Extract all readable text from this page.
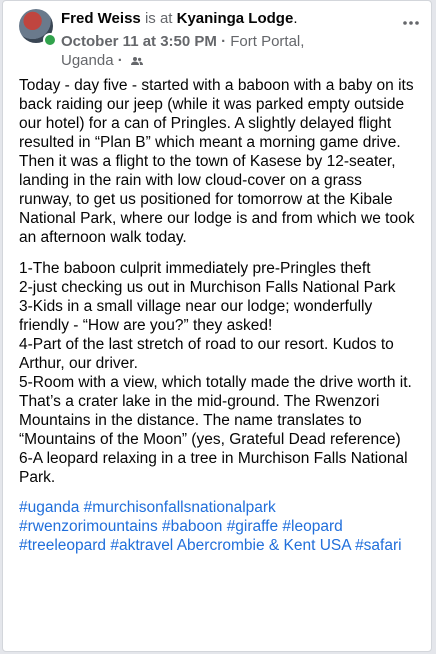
Fred Weiss is at Kyaninga Lodge.
October 11 at 3:50 PM · Fort Portal, Uganda ·

Today - day five - started with a baboon with a baby on its back raiding our jeep (while it was parked empty outside our hotel) for a can of Pringles. A slightly delayed flight resulted in “Plan B” which meant a morning game drive. Then it was a flight to the town of Kasese by 12-seater, landing in the rain with low cloud-cover on a grass runway, to get us positioned for tomorrow at the Kibale National Park, where our lodge is and from which we took an afternoon walk today.

1-The baboon culprit immediately pre-Pringles theft
2-just checking us out in Murchison Falls National Park
3-Kids in a small village near our lodge; wonderfully friendly - “How are you?” they asked!
4-Part of the last stretch of road to our resort. Kudos to Arthur, our driver.
5-Room with a view, which totally made the drive worth it. That’s a crater lake in the mid-ground. The Rwenzori Mountains in the distance. The name translates to “Mountains of the Moon” (yes, Grateful Dead reference)
6-A leopard relaxing in a tree in Murchison Falls National Park.

#uganda #murchisonfallsnationalpark #rwenzorimountains #baboon #giraffe #leopard #treeleopard #aktravel Abercrombie & Kent USA #safari
